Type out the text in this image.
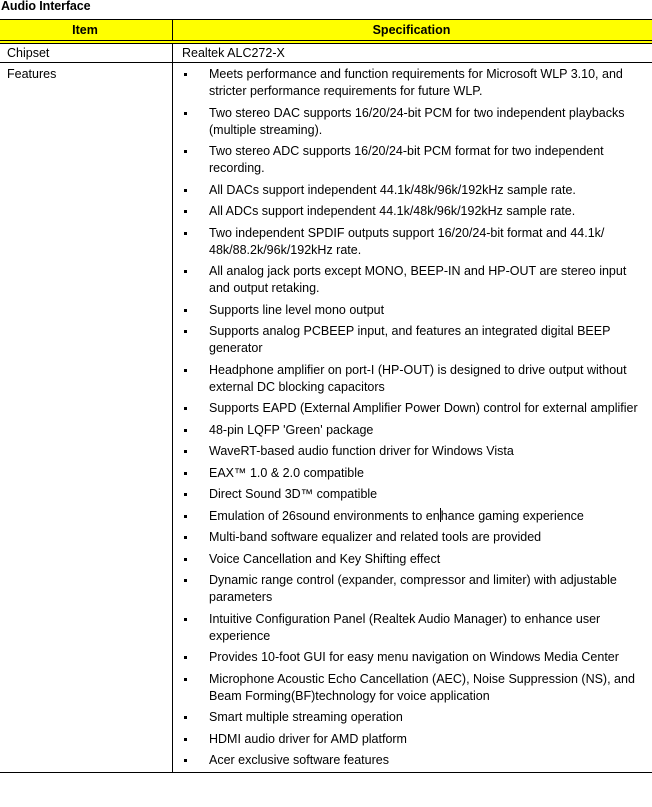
Audio Interface
Item	Specification
Chipset	Realtek ALC272-X
Features	Meets performance and function requirements for Microsoft WLP 3.10, and stricter performance requirements for future WLP.
Two stereo DAC supports 16/20/24-bit PCM for two independent playbacks (multiple streaming).
Two stereo ADC supports 16/20/24-bit PCM format for two independent recording.
All DACs support independent 44.1k/48k/96k/192kHz sample rate.
All ADCs support independent 44.1k/48k/96k/192kHz sample rate.
Two independent SPDIF outputs support 16/20/24-bit format and 44.1k/ 48k/88.2k/96k/192kHz rate.
All analog jack ports except MONO, BEEP-IN and HP-OUT are stereo input and output retaking.
Supports line level mono output
Supports analog PCBEEP input, and features an integrated digital BEEP generator
Headphone amplifier on port-I (HP-OUT) is designed to drive output without external DC blocking capacitors
Supports EAPD (External Amplifier Power Down) control for external amplifier
48-pin LQFP 'Green' package
WaveRT-based audio function driver for Windows Vista
EAX™ 1.0 & 2.0 compatible
Direct Sound 3D™ compatible
Emulation of 26sound environments to enhance gaming experience
Multi-band software equalizer and related tools are provided
Voice Cancellation and Key Shifting effect
Dynamic range control (expander, compressor and limiter) with adjustable parameters
Intuitive Configuration Panel (Realtek Audio Manager) to enhance user experience
Provides 10-foot GUI for easy menu navigation on Windows Media Center
Microphone Acoustic Echo Cancellation (AEC), Noise Suppression (NS), and Beam Forming(BF)technology for voice application
Smart multiple streaming operation
HDMI audio driver for AMD platform
Acer exclusive software features
